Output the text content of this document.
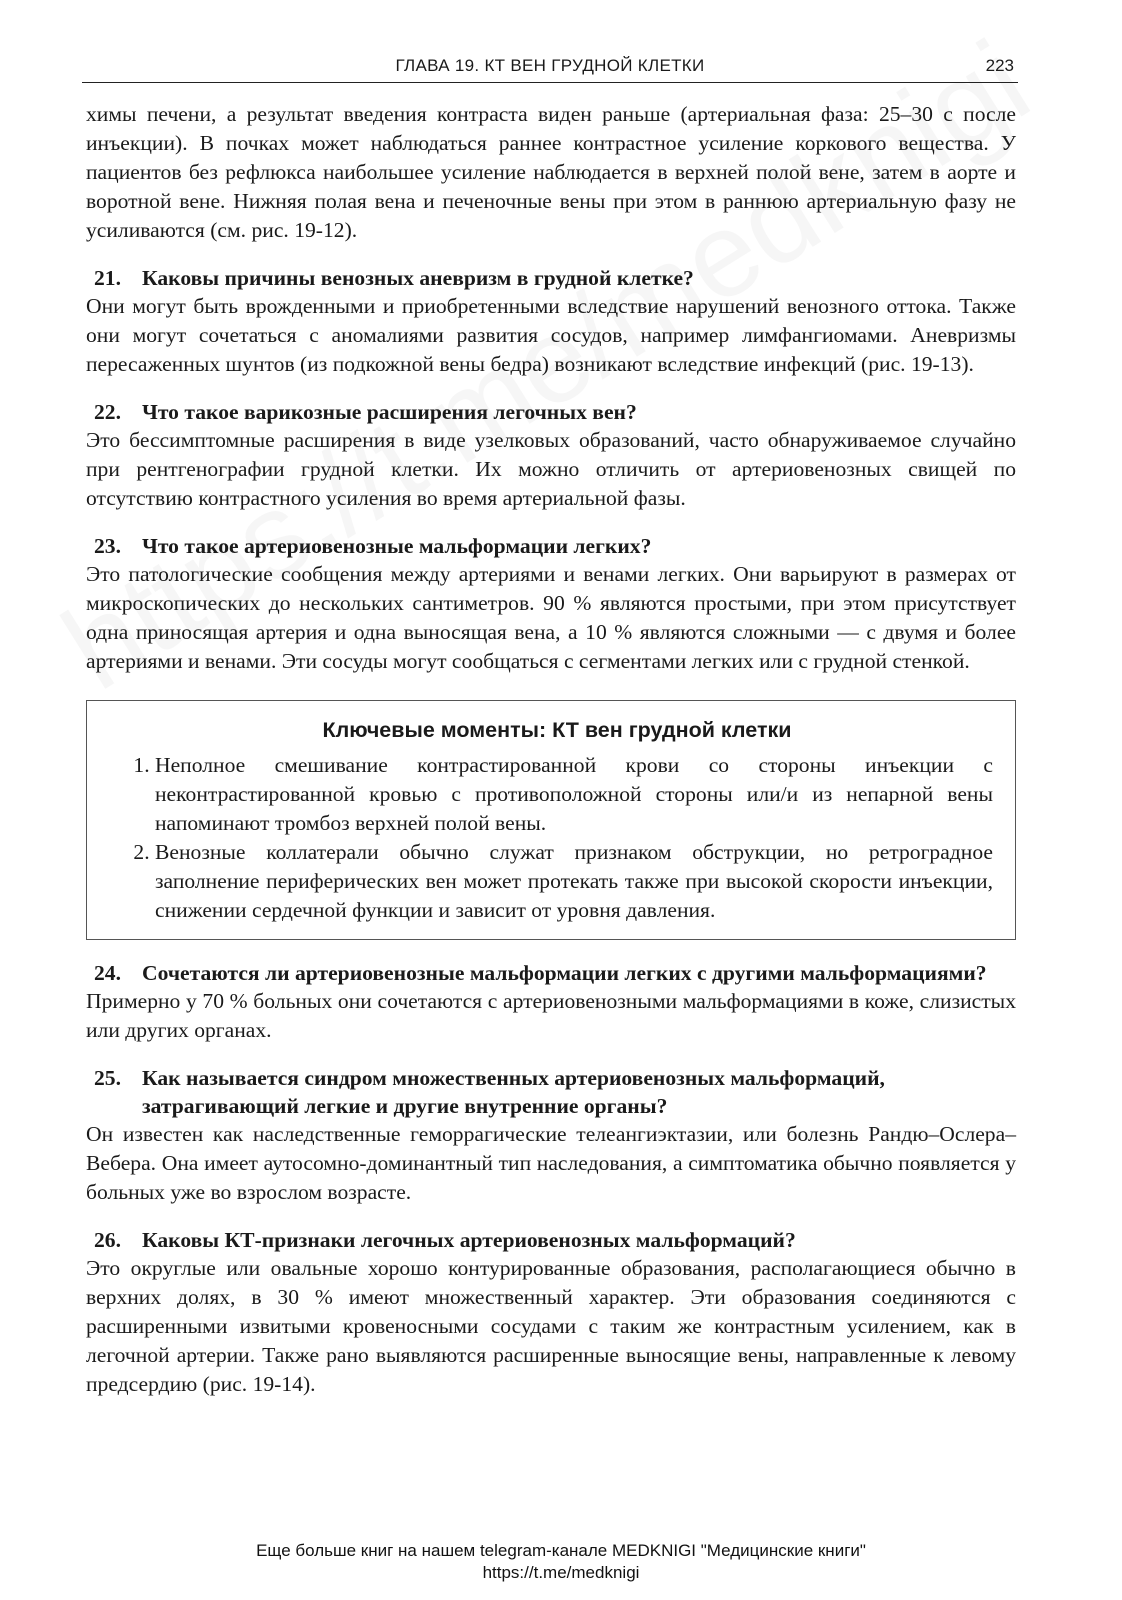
ГЛАВА 19. КТ ВЕН ГРУДНОЙ КЛЕТКИ	223

химы печени, а результат введения контраста виден раньше (артериальная фаза: 25–30 с после инъекции). В почках может наблюдаться раннее контрастное усиление коркового вещества. У пациентов без рефлюкса наибольшее усиление наблюдается в верхней полой вене, затем в аорте и воротной вене. Нижняя полая вена и печеночные вены при этом в раннюю артериальную фазу не усиливаются (см. рис. 19-12).

21. Каковы причины венозных аневризм в грудной клетке?

Они могут быть врожденными и приобретенными вследствие нарушений венозного оттока. Также они могут сочетаться с аномалиями развития сосудов, например лимфангиомами. Аневризмы пересаженных шунтов (из подкожной вены бедра) возникают вследствие инфекций (рис. 19-13).

22. Что такое варикозные расширения легочных вен?

Это бессимптомные расширения в виде узелковых образований, часто обнаруживаемое случайно при рентгенографии грудной клетки. Их можно отличить от артериовенозных свищей по отсутствию контрастного усиления во время артериальной фазы.

23. Что такое артериовенозные мальформации легких?

Это патологические сообщения между артериями и венами легких. Они варьируют в размерах от микроскопических до нескольких сантиметров. 90 % являются простыми, при этом присутствует одна приносящая артерия и одна выносящая вена, а 10 % являются сложными — с двумя и более артериями и венами. Эти сосуды могут сообщаться с сегментами легких или с грудной стенкой.

Ключевые моменты: КТ вен грудной клетки
1. Неполное смешивание контрастированной крови со стороны инъекции с неконтрастированной кровью с противоположной стороны или/и из непарной вены напоминают тромбоз верхней полой вены.
2. Венозные коллатерали обычно служат признаком обструкции, но ретроградное заполнение периферических вен может протекать также при высокой скорости инъекции, снижении сердечной функции и зависит от уровня давления.

24. Сочетаются ли артериовенозные мальформации легких с другими мальформациями?

Примерно у 70 % больных они сочетаются с артериовенозными мальформациями в коже, слизистых или других органах.

25. Как называется синдром множественных артериовенозных мальформаций, затрагивающий легкие и другие внутренние органы?

Он известен как наследственные геморрагические телеангиэктазии, или болезнь Рандю–Ослера–Вебера. Она имеет аутосомно-доминантный тип наследования, а симптоматика обычно появляется у больных уже во взрослом возрасте.

26. Каковы КТ-признаки легочных артериовенозных мальформаций?

Это округлые или овальные хорошо контурированные образования, располагающиеся обычно в верхних долях, в 30 % имеют множественный характер. Эти образования соединяются с расширенными извитыми кровеносными сосудами с таким же контрастным усилением, как в легочной артерии. Также рано выявляются расширенные выносящие вены, направленные к левому предсердию (рис. 19-14).

Еще больше книг на нашем telegram-канале MEDKNIGI "Медицинские книги"
https://t.me/medknigi
